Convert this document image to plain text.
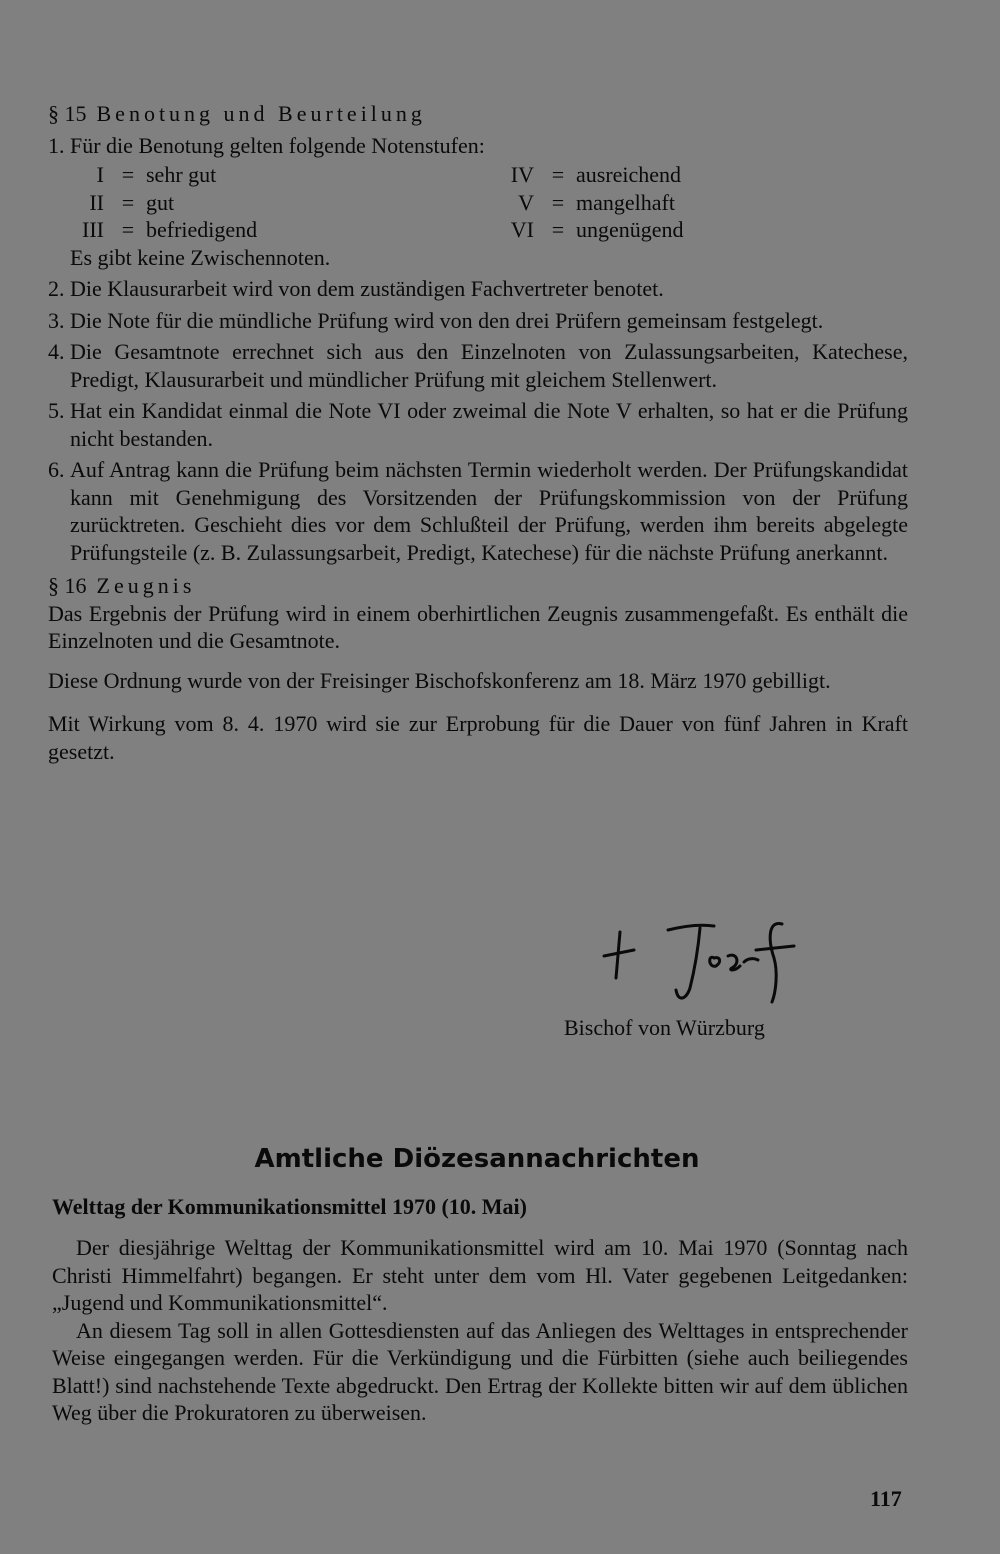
§ 15 Benotung und Beurteilung

1. Für die Benotung gelten folgende Notenstufen:
I = sehr gut	IV = ausreichend
II = gut	V = mangelhaft
III = befriedigend	VI = ungenügend
Es gibt keine Zwischennoten.
2. Die Klausurarbeit wird von dem zuständigen Fachvertreter benotet.
3. Die Note für die mündliche Prüfung wird von den drei Prüfern gemeinsam festgelegt.
4. Die Gesamtnote errechnet sich aus den Einzelnoten von Zulassungsarbeiten, Katechese, Predigt, Klausurarbeit und mündlicher Prüfung mit gleichem Stellenwert.
5. Hat ein Kandidat einmal die Note VI oder zweimal die Note V erhalten, so hat er die Prüfung nicht bestanden.
6. Auf Antrag kann die Prüfung beim nächsten Termin wiederholt werden. Der Prüfungskandidat kann mit Genehmigung des Vorsitzenden der Prüfungskommission von der Prüfung zurücktreten. Geschieht dies vor dem Schlußteil der Prüfung, werden ihm bereits abgelegte Prüfungsteile (z. B. Zulassungsarbeit, Predigt, Katechese) für die nächste Prüfung anerkannt.

§ 16 Zeugnis

Das Ergebnis der Prüfung wird in einem oberhirtlichen Zeugnis zusammengefaßt. Es enthält die Einzelnoten und die Gesamtnote.

Diese Ordnung wurde von der Freisinger Bischofskonferenz am 18. März 1970 gebilligt.

Mit Wirkung vom 8. 4. 1970 wird sie zur Erprobung für die Dauer von fünf Jahren in Kraft gesetzt.

Bischof von Würzburg
Amtliche Diözesannachrichten
Welttag der Kommunikationsmittel 1970 (10. Mai)

Der diesjährige Welttag der Kommunikationsmittel wird am 10. Mai 1970 (Sonntag nach Christi Himmelfahrt) begangen. Er steht unter dem vom Hl. Vater gegebenen Leitgedanken: „Jugend und Kommunikationsmittel“.

An diesem Tag soll in allen Gottesdiensten auf das Anliegen des Welttages in entsprechender Weise eingegangen werden. Für die Verkündigung und die Fürbitten (siehe auch beiliegendes Blatt!) sind nachstehende Texte abgedruckt. Den Ertrag der Kollekte bitten wir auf dem üblichen Weg über die Prokuratoren zu überweisen.

117
